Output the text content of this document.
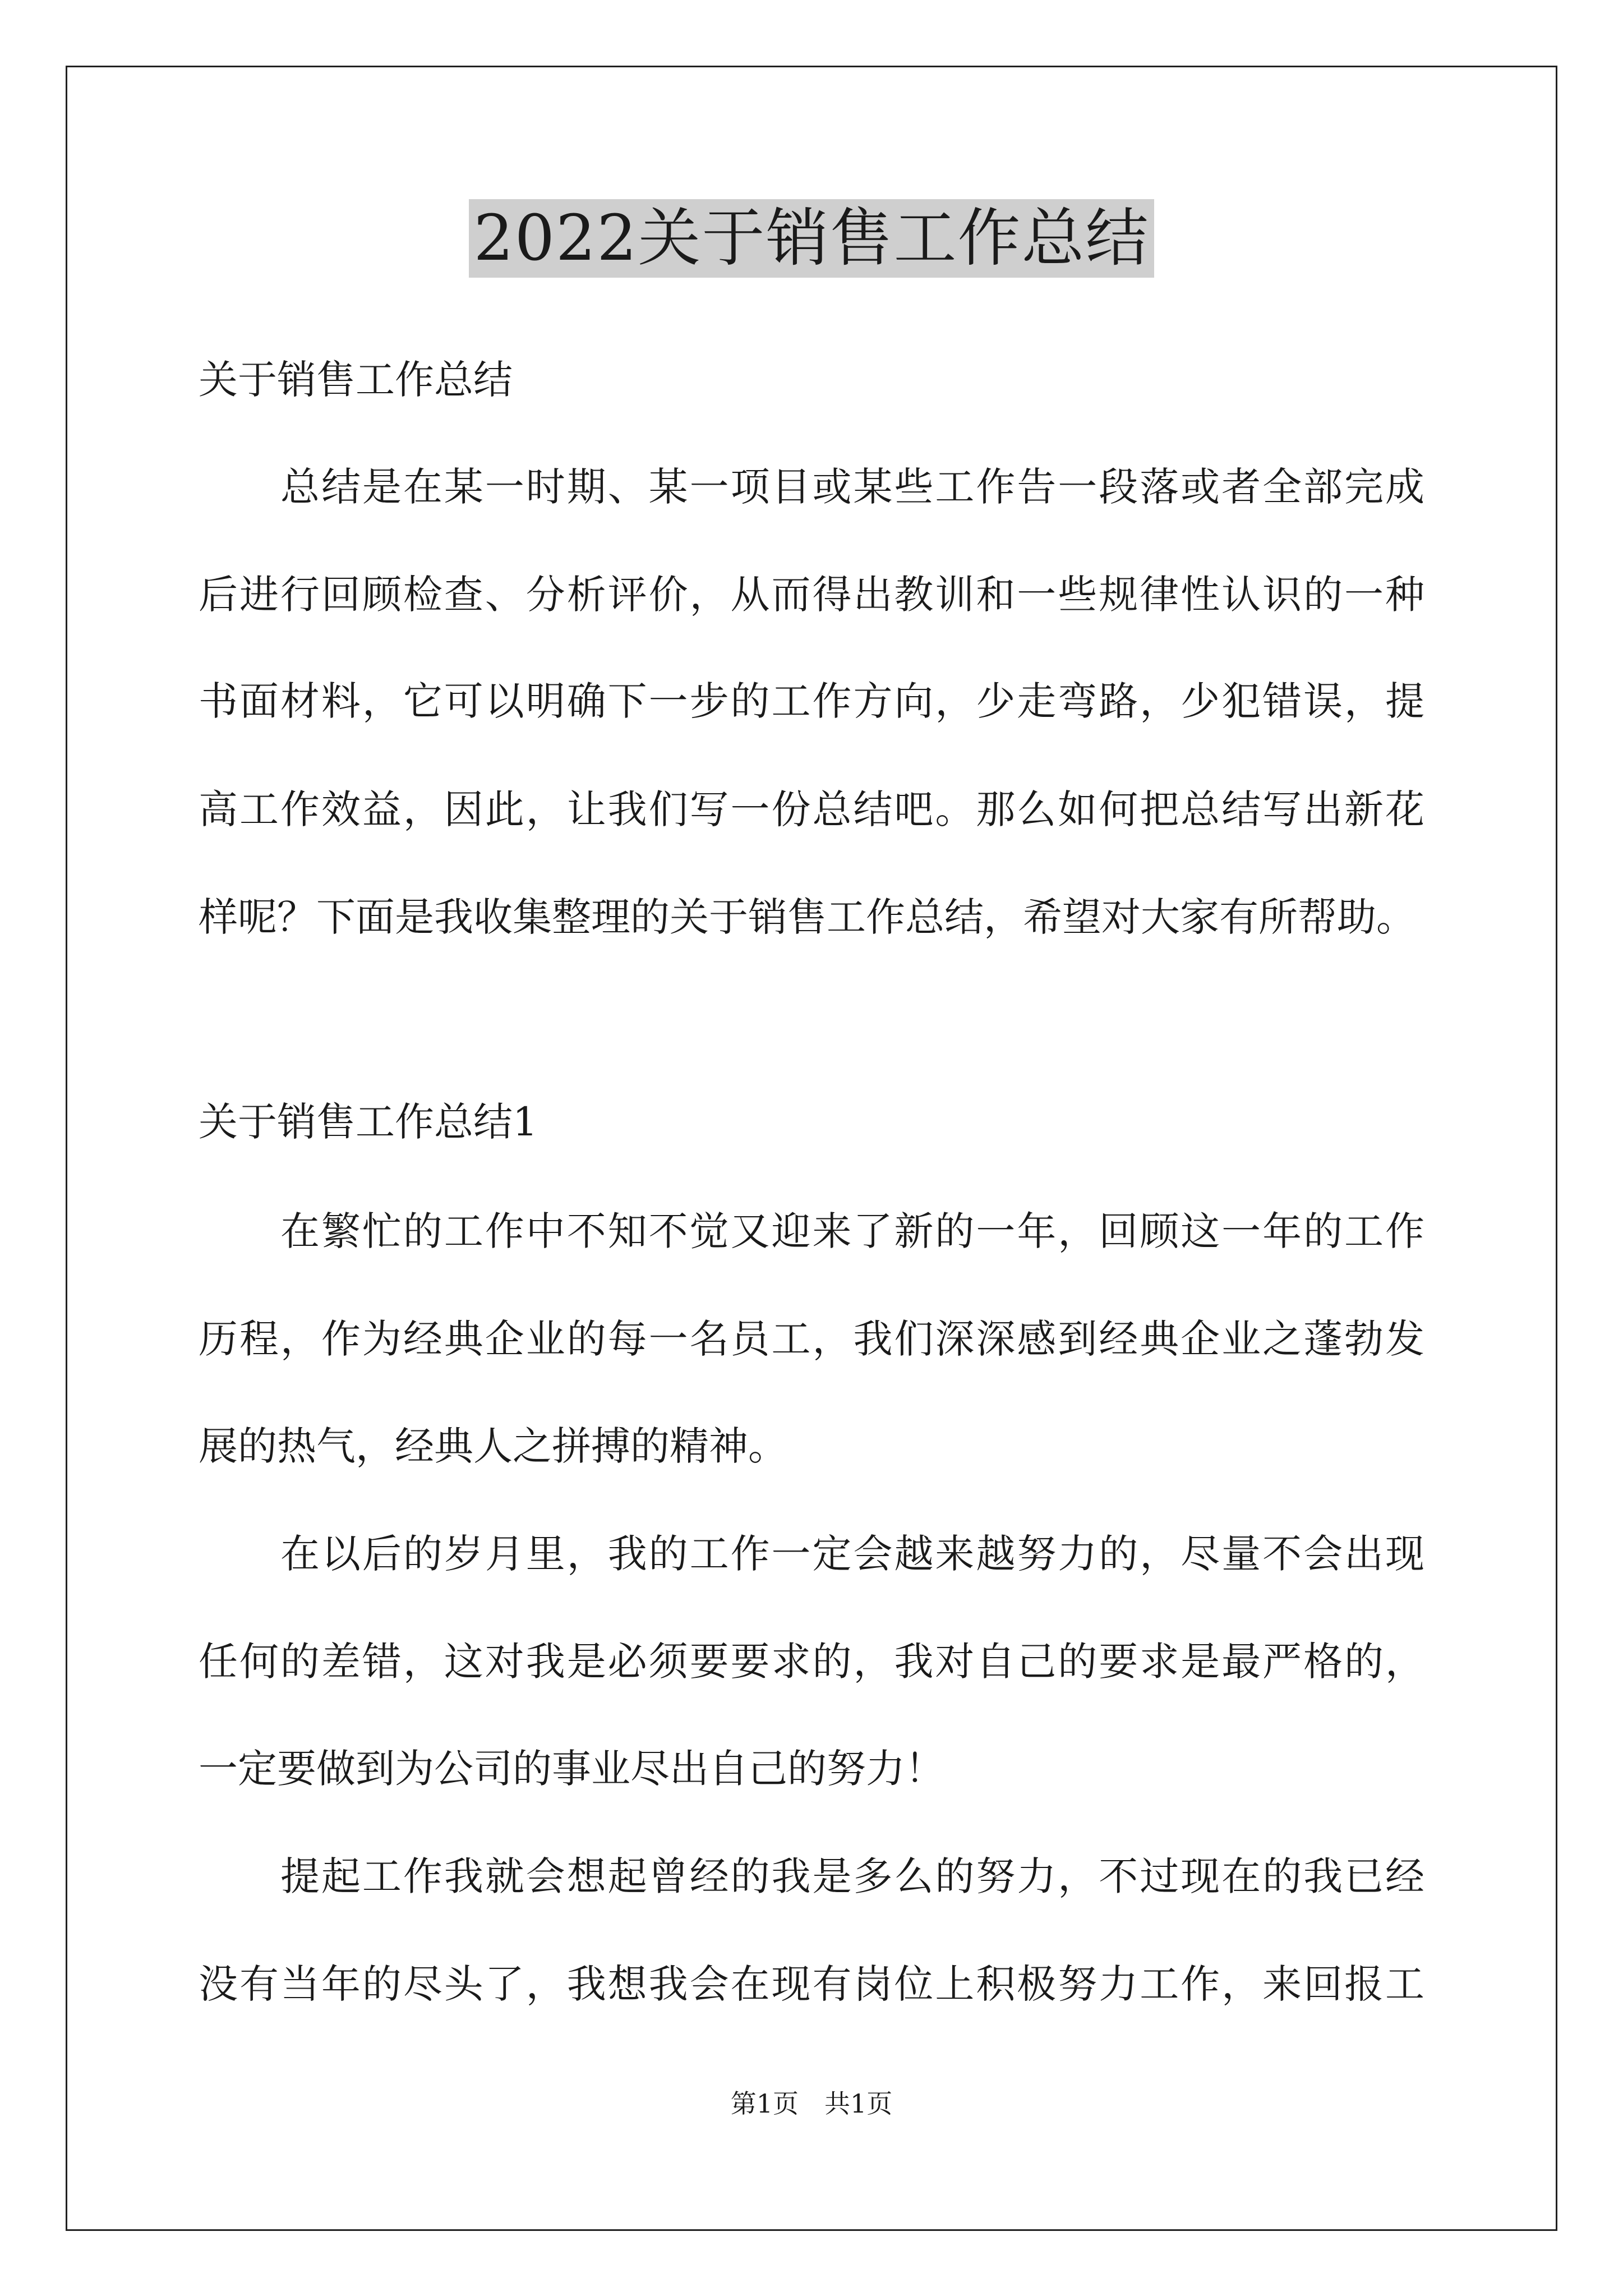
2022关于销售工作总结

关于销售工作总结

总结是在某一时期、某一项目或某些工作告一段落或者全部完成

后进行回顾检查、分析评价，从而得出教训和一些规律性认识的一种

书面材料，它可以明确下一步的工作方向，少走弯路，少犯错误，提

高工作效益，因此，让我们写一份总结吧。那么如何把总结写出新花

样呢？下面是我收集整理的关于销售工作总结，希望对大家有所帮助。

关于销售工作总结1

在繁忙的工作中不知不觉又迎来了新的一年，回顾这一年的工作

历程，作为经典企业的每一名员工，我们深深感到经典企业之蓬勃发

展的热气，经典人之拼搏的精神。

在以后的岁月里，我的工作一定会越来越努力的，尽量不会出现

任何的差错，这对我是必须要要求的，我对自己的要求是最严格的，

一定要做到为公司的事业尽出自己的努力！

提起工作我就会想起曾经的我是多么的努力，不过现在的我已经

没有当年的尽头了，我想我会在现有岗位上积极努力工作，来回报工

第1页　共1页
